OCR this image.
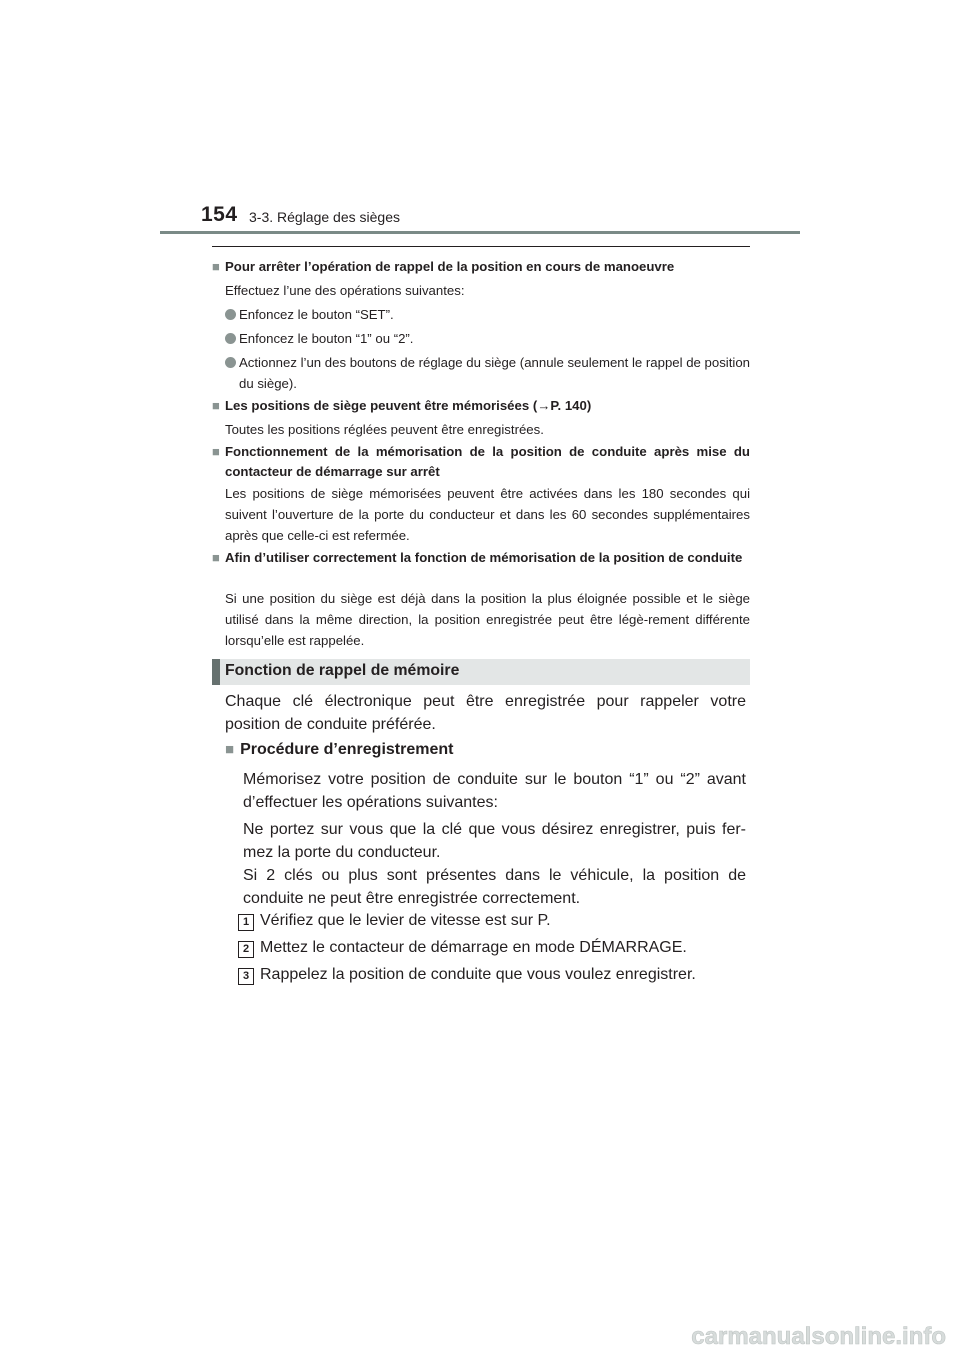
154 3-3. Réglage des sièges
■ Pour arrêter l’opération de rappel de la position en cours de manoeuvre
Effectuez l’une des opérations suivantes:
Enfoncez le bouton “SET”.
Enfoncez le bouton “1” ou “2”.
Actionnez l’un des boutons de réglage du siège (annule seulement le rappel de position du siège).
■ Les positions de siège peuvent être mémorisées (→P. 140)
Toutes les positions réglées peuvent être enregistrées.
■ Fonctionnement de la mémorisation de la position de conduite après mise du contacteur de démarrage sur arrêt
Les positions de siège mémorisées peuvent être activées dans les 180 secondes qui suivent l’ouverture de la porte du conducteur et dans les 60 secondes supplémentaires après que celle-ci est refermée.
■ Afin d’utiliser correctement la fonction de mémorisation de la position de conduite
Si une position du siège est déjà dans la position la plus éloignée possible et le siège utilisé dans la même direction, la position enregistrée peut être légè-rement différente lorsqu’elle est rappelée.
Fonction de rappel de mémoire
Chaque clé électronique peut être enregistrée pour rappeler votre position de conduite préférée.
■ Procédure d’enregistrement
Mémorisez votre position de conduite sur le bouton “1” ou “2” avant d’effectuer les opérations suivantes:
Ne portez sur vous que la clé que vous désirez enregistrer, puis fer-mez la porte du conducteur.
Si 2 clés ou plus sont présentes dans le véhicule, la position de conduite ne peut être enregistrée correctement.
1 Vérifiez que le levier de vitesse est sur P.
2 Mettez le contacteur de démarrage en mode DÉMARRAGE.
3 Rappelez la position de conduite que vous voulez enregistrer.
carmanualsonline.info
